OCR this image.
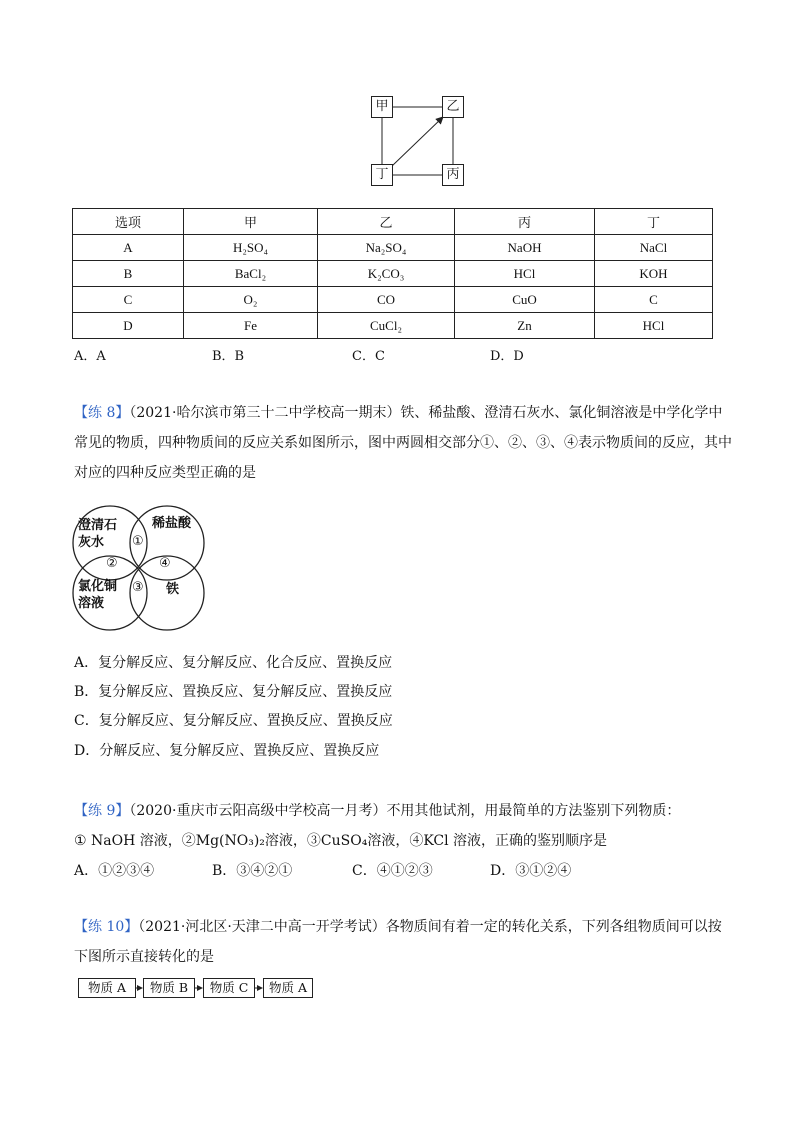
甲	乙
丁	丙
选项	甲	乙	丙	丁
A	H₂SO₄	Na₂SO₄	NaOH	NaCl
B	BaCl₂	K₂CO₃	HCl	KOH
C	O₂	CO	CuO	C
D	Fe	CuCl₂	Zn	HCl
A．A	B．B	C．C	D．D
【练 8】（2021·哈尔滨市第三十二中学校高一期末）铁、稀盐酸、澄清石灰水、氯化铜溶液是中学化学中常见的物质，四种物质间的反应关系如图所示，图中两圆相交部分①、②、③、④表示物质间的反应，其中对应的四种反应类型正确的是
澄清石
灰水
稀盐酸
氯化铜
溶液
铁
①
②	④
③
A．复分解反应、复分解反应、化合反应、置换反应
B．复分解反应、置换反应、复分解反应、置换反应
C．复分解反应、复分解反应、置换反应、置换反应
D．分解反应、复分解反应、置换反应、置换反应
【练 9】（2020·重庆市云阳高级中学校高一月考）不用其他试剂，用最简单的方法鉴别下列物质：
① NaOH 溶液，②Mg(NO₃)₂溶液，③CuSO₄溶液，④KCl 溶液，正确的鉴别顺序是
A．①②③④	B．③④②①	C．④①②③	D．③①②④
【练 10】（2021·河北区·天津二中高一开学考试）各物质间有着一定的转化关系，下列各组物质间可以按下图所示直接转化的是
物质 A	物质 B	物质 C	物质 A
